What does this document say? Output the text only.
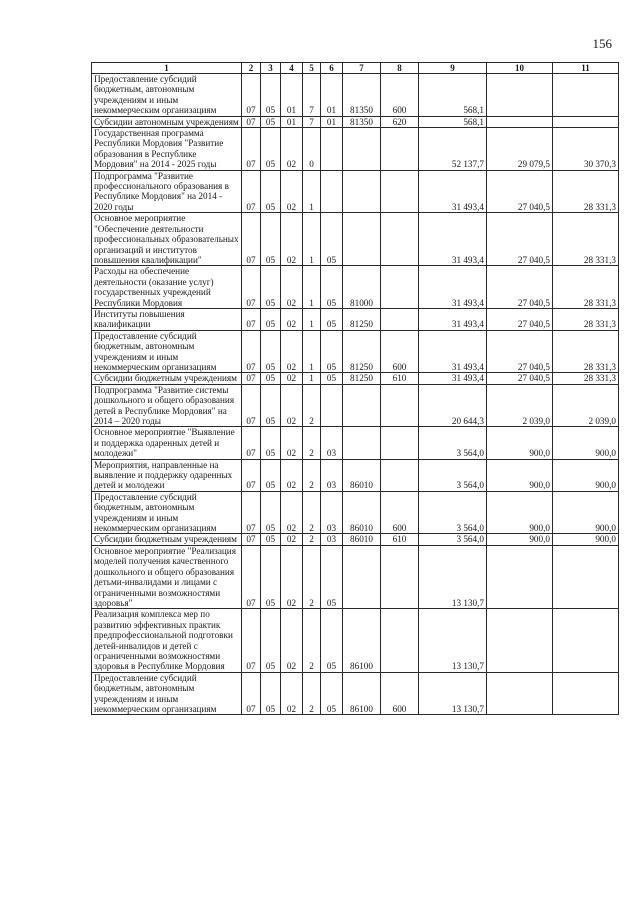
156
1	2	3	4	5	6	7	8	9	10	11
Предоставление субсидий бюджетным, автономным учреждениям и иным некоммерческим организациям	07	05	01	7	01	81350	600	568,1		
Субсидии автономным учреждениям	07	05	01	7	01	81350	620	568,1		
Государственная программа Республики Мордовия "Развитие образования в Республике Мордовия" на 2014 - 2025 годы	07	05	02	0				52 137,7	29 079,5	30 370,3
Подпрограмма "Развитие профессионального образования в Республике Мордовия" на 2014 - 2020 годы	07	05	02	1				31 493,4	27 040,5	28 331,3
Основное мероприятие "Обеспечение деятельности профессиональных образовательных организаций и институтов повышения квалификации"	07	05	02	1	05			31 493,4	27 040,5	28 331,3
Расходы на обеспечение деятельности (оказание услуг) государственных учреждений Республики Мордовия	07	05	02	1	05	81000		31 493,4	27 040,5	28 331,3
Институты повышения квалификации	07	05	02	1	05	81250		31 493,4	27 040,5	28 331,3
Предоставление субсидий бюджетным, автономным учреждениям и иным некоммерческим организациям	07	05	02	1	05	81250	600	31 493,4	27 040,5	28 331,3
Субсидии бюджетным учреждениям	07	05	02	1	05	81250	610	31 493,4	27 040,5	28 331,3
Подпрограмма "Развитие системы дошкольного и общего образования детей в Республике Мордовия" на 2014 – 2020 годы	07	05	02	2				20 644,3	2 039,0	2 039,0
Основное мероприятие "Выявление и поддержка одаренных детей и молодежи"	07	05	02	2	03			3 564,0	900,0	900,0
Мероприятия, направленные на выявление и поддержку одаренных детей и молодежи	07	05	02	2	03	86010		3 564,0	900,0	900,0
Предоставление субсидий бюджетным, автономным учреждениям и иным некоммерческим организациям	07	05	02	2	03	86010	600	3 564,0	900,0	900,0
Субсидии бюджетным учреждениям	07	05	02	2	03	86010	610	3 564,0	900,0	900,0
Основное мероприятие "Реализация моделей получения качественного дошкольного и общего образования детьми-инвалидами и лицами с ограниченными возможностями здоровья"	07	05	02	2	05			13 130,7		
Реализация комплекса мер по развитию эффективных практик предпрофессиональной подготовки детей-инвалидов и детей с ограниченными возможностями здоровья в Республике Мордовия	07	05	02	2	05	86100		13 130,7		
Предоставление субсидий бюджетным, автономным учреждениям и иным некоммерческим организациям	07	05	02	2	05	86100	600	13 130,7		
